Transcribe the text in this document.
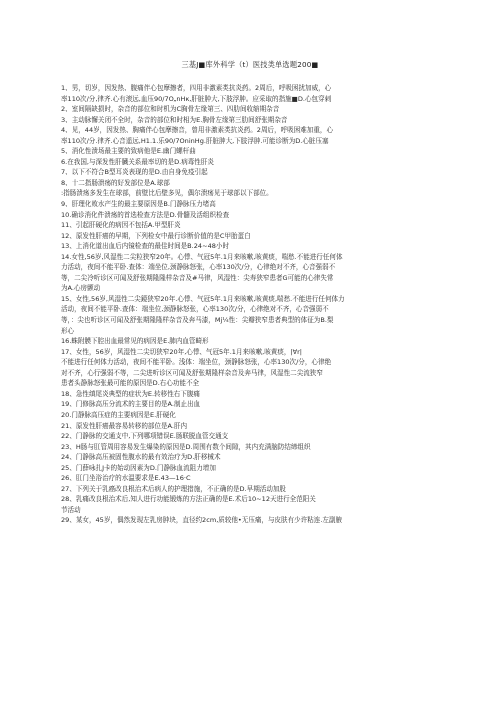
三基J■库外科学（t）医技类单选题200■
1、男，切岁，因发热、腹痛伴心包摩擦者，四用非激素类抗炎药。2周后，呼吸困扰加威，心
率110次/分,律齐.心有滚远,血压90/7O„nHκ,肝脏肿大,下肢浮肿。应采取的指施■D.心包穿刺
2、室间隔缺损时，杂音的部位和时机为C胸骨左缘第三、四肋间收缩期杂音
3、主动脉懈关闭不全时，杂音的部位和时相为E.胸骨左缘第三肋间舒张期杂音
4、见，44岁，因发热、胸痛伴心包摩擦音，曾用非激素类抗炎药。2周后，呼吸困难加重，心
率110次/分.律齐.心音遥远,H1.1.乐90/7OninHg.肝脏肿大,下肢浮肿.可能诊断为D.心脏压塞
5、消化性溃场最主要的致病他是E.幽门螺杆曲
6.在我国,与深发性肝臓关系最率切的是D.病毒性肝炎
7、以下不符合B型耳炎表现的是D.由自身免疫引起
8、十二指肠溃疡的好发部位是A.球部
:指肠溃疡多发生在球部，前壁比后壁多见，偶尔溃疡见于球部以下部位。
9、肝理化败水产生的最主要原因是B.门静脉压力堵高
10.确诊消化件溃疡的首选检查方法是D.骨髓及活组织检查
11、引起肝硬化的病因不包括A.甲型肝炎
12、原发性肝癌的早期，下列检女中最行诊断价值的是C甲胎蛋白
13、上消化道出血后内镜检查的最佳时间是B.24~48小时
14.女性,56岁,风湿性二尖粒狭窄20年。心悸、气冠5年.1月来咳嗽,咳黄痰，喘愁.不能进行任何体
力活动，夜间不能平卧.查体：端坐位,颈静脉怒张，心率130次/分，心律绝对不齐，心音强弱不
等，二尖冷听诊区可闻及舒张期隆隆样杂音及#马律，风湿性：尖寿狭窄患者G可能的心律失常
为A.心房颤动
15、女性,56岁,风湿性二尖鏡狭窄20年.心悸、气冠5年.1月来咳嗽,咳黄痰,喘愁.不能进行任何体力
活动，夜间不能平卧.查体：端坐位,颈静脉怒张，心率130次/分，心律绝对不齐，心音强弱不
等，：尖也听诊区可闻及舒张期隆隆样杂音及奔马漆，Mj¼性：尖瓣狭窄患者典型的体征为B.梨
形心
16.蛛附膜下腔出血最常见的病因是E.肺内血管畸形
17、女性，56岁，风湿性二尖切狭窄20年,心悸、气冠5年.1月来咳嗽,咳黄痰，|∀r|
不能进行任何体力活动，夜间不能平卧。浅体：端坐位，颈静脉怒张，心率130次/分，心律绝
对不齐，心行强弱不等，二尖进听诊区可闻及舒张期隆样杂音及奔马律，风湿性二尖流狭窄
患者头静脉怒张最可能的原因是D.右心功能不全
18、急性缜尾炎典型的症状为E.转移性右下腹痛
19、门修脉高压分流术的主要目的是A.制止出血
20.门静脉高压症的主要病因是E.肝硬化
21、原发性肝癌最容易转移的部位是A.肝内
22、门静脉的交通支中,下列哪项错误E.肠联脱血管交通支
23、H肠与肛管周用容易发生爆染的原因是D.周围有数个间隙，其内充满脑防结缔组织
24、门静脉高压被固性腹水的最有效治疗为D.肝移械术
25、门薛咏扎J卡的始动因素为D.门静脉血流阻力增加
26、肛门坐浴治疗的水温要求是E.43—16·C
27、下列关于乳癌改良根治术后病人的护理措施，不正确的是D.早期活动加股
28、乳痛改良根治术后,知人进行功能锻炼的方法正确的是E.术后10~12天进行全范阳关
节活动
29、某女，45岁，偶然发现左乳房肿块，直径约2cm,质较他•无压痛，与皮肤有少许粘连.左副腋
